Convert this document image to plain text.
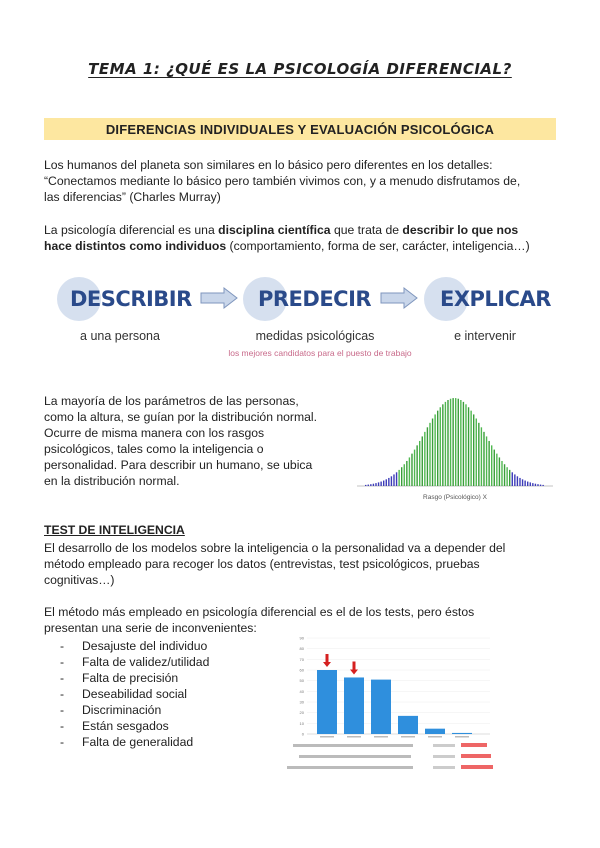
TEMA 1: ¿QUÉ ES LA PSICOLOGÍA DIFERENCIAL?
DIFERENCIAS INDIVIDUALES Y EVALUACIÓN PSICOLÓGICA
Los humanos del planeta son similares en lo básico pero diferentes en los detalles:
“Conectamos mediante lo básico pero también vivimos con, y a menudo disfrutamos de,
las diferencias” (Charles Murray)
La psicología diferencial es una disciplina científica que trata de describir lo que nos
hace distintos como individuos (comportamiento, forma de ser, carácter, inteligencia…)
DESCRIBIR	PREDECIR	EXPLICAR
a una persona	medidas psicológicas	e intervenir
los mejores candidatos para el puesto de trabajo
La mayoría de los parámetros de las personas,
como la altura, se guían por la distribución normal.
Ocurre de misma manera con los rasgos
psicológicos, tales como la inteligencia o
personalidad. Para describir un humano, se ubica
en la distribución normal.
Rasgo (Psicológico) X
TEST DE INTELIGENCIA
El desarrollo de los modelos sobre la inteligencia o la personalidad va a depender del
método empleado para recoger los datos (entrevistas, test psicológicos, pruebas
cognitivas…)
El método más empleado en psicología diferencial es el de los tests, pero éstos
presentan una serie de inconvenientes:
-	Desajuste del individuo
-	Falta de validez/utilidad
-	Falta de precisión
-	Deseabilidad social
-	Discriminación
-	Están sesgados
-	Falta de generalidad
0
10
20
30
40
50
60
70
80
90
